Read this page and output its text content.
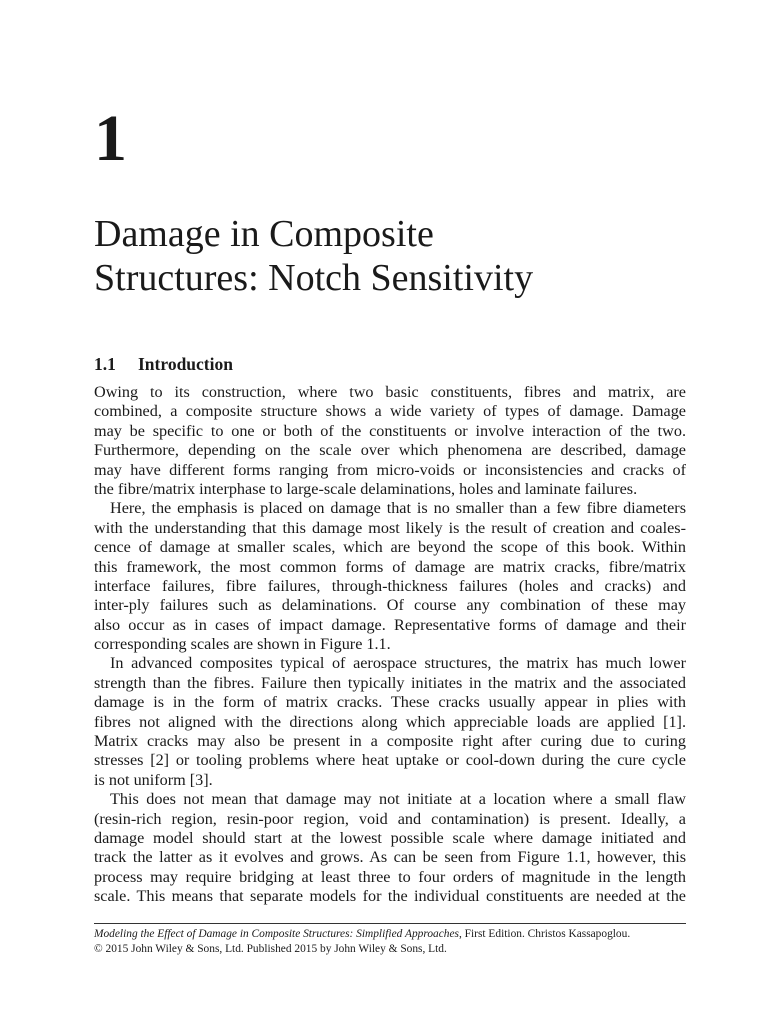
1
Damage in Composite
Structures: Notch Sensitivity
1.1 Introduction
Owing to its construction, where two basic constituents, fibres and matrix, are
combined, a composite structure shows a wide variety of types of damage. Damage
may be specific to one or both of the constituents or involve interaction of the two.
Furthermore, depending on the scale over which phenomena are described, damage
may have different forms ranging from micro-voids or inconsistencies and cracks of
the fibre/matrix interphase to large-scale delaminations, holes and laminate failures.
Here, the emphasis is placed on damage that is no smaller than a few fibre diameters
with the understanding that this damage most likely is the result of creation and coales-
cence of damage at smaller scales, which are beyond the scope of this book. Within
this framework, the most common forms of damage are matrix cracks, fibre/matrix
interface failures, fibre failures, through-thickness failures (holes and cracks) and
inter-ply failures such as delaminations. Of course any combination of these may
also occur as in cases of impact damage. Representative forms of damage and their
corresponding scales are shown in Figure 1.1.
In advanced composites typical of aerospace structures, the matrix has much lower
strength than the fibres. Failure then typically initiates in the matrix and the associated
damage is in the form of matrix cracks. These cracks usually appear in plies with
fibres not aligned with the directions along which appreciable loads are applied [1].
Matrix cracks may also be present in a composite right after curing due to curing
stresses [2] or tooling problems where heat uptake or cool-down during the cure cycle
is not uniform [3].
This does not mean that damage may not initiate at a location where a small flaw
(resin-rich region, resin-poor region, void and contamination) is present. Ideally, a
damage model should start at the lowest possible scale where damage initiated and
track the latter as it evolves and grows. As can be seen from Figure 1.1, however, this
process may require bridging at least three to four orders of magnitude in the length
scale. This means that separate models for the individual constituents are needed at the
Modeling the Effect of Damage in Composite Structures: Simplified Approaches, First Edition. Christos Kassapoglou.
© 2015 John Wiley & Sons, Ltd. Published 2015 by John Wiley & Sons, Ltd.
